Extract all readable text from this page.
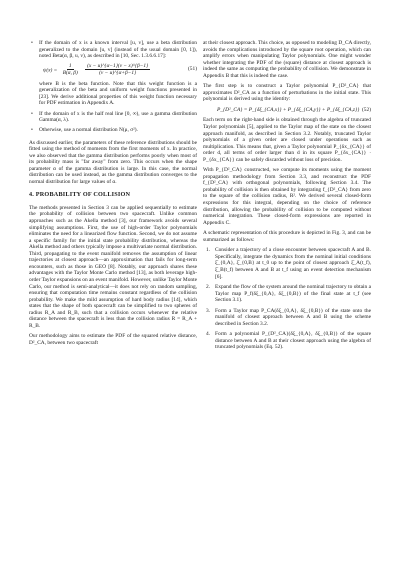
• If the domain of x is a known interval [u, v], use a beta distribution generalized to the domain [u, v] (instead of the usual domain [0, 1]), noted Beta(α, β, u, v), as described in [10, Sec. 1.3.6.6.17]:
$\psi(x) = \frac{1}{B(\alpha, \beta)}$
$\frac{(x - u)\^{}\{\alpha-1\}(v - x)\^{}\{\beta-1\}}{(v - u)\^{}\{\alpha+\beta-1\}}$	(51)

where B is the beta function. Note that this weight function is a generalization of the beta and uniform weight functions presented in [23]. We derive additional properties of this weight function necessary for PDF estimation in Appendix A.

• If the domain of x is the half real line [0, ∞), use a gamma distribution Gamma(α, λ).
• Otherwise, use a normal distribution N(μ, σ²).

As discussed earlier, the parameters of these reference distributions should be fitted using the method of moments from the first moments of x. In practice, we also observed that the gamma distribution performs poorly when most of its probability mass is "far away" from zero. This occurs when the shape parameter α of the gamma distribution is large. In this case, the normal distribution can be used instead, as the gamma distribution converges to the normal distribution for large values of α.

4. PROBABILITY OF COLLISION

The methods presented in Section 3 can be applied sequentially to estimate the probability of collision between two spacecraft. Unlike common approaches such as the Akella method [3], our framework avoids several simplifying assumptions. First, the use of high-order Taylor polynomials eliminates the need for a linearized flow function. Second, we do not assume a specific family for the initial state probability distribution, whereas the Akella method and others typically impose a multivariate normal distribution. Third, propagating to the event manifold removes the assumption of linear trajectories at closest approach—an approximation that fails for long-term encounters, such as those in GEO [8]. Notably, our approach shares these advantages with the Taylor Monte Carlo method [13], as both leverage high-order Taylor expansions on an event manifold. However, unlike Taylor Monte Carlo, our method is semi-analytical—it does not rely on random sampling, ensuring that computation time remains constant regardless of the collision probability. We make the mild assumption of hard body radius [14], which states that the shape of both spacecraft can be simplified to two spheres of radius R_A and R_B, such that a collision occurs whenever the relative distance between the spacecraft is less than the collision radius R = R_A + R_B.

Our methodology aims to estimate the PDF of the squared relative distance, D²_CA, between two spacecraft

at their closest approach. This choice, as opposed to modeling D_CA directly, avoids the complications introduced by the square root operation, which can amplify errors when manipulating Taylor polynomials. One might wonder whether integrating the PDF of the (square) distance at closest approach is indeed the same as computing the probability of collision. We demonstrate in Appendix B that this is indeed the case.

The first step is to construct a Taylor polynomial P_{D²_CA} that approximates D²_CA as a function of perturbations in the initial state. This polynomial is derived using the identity:

P_{D²_CA} = P_{δξ_{CA,x}} + P_{δξ_{CA,y}} + P_{δξ_{CA,z}} (52)

Each term on the right-hand side is obtained through the algebra of truncated Taylor polynomials [5], applied to the Taylor map of the state on the closest approach manifold, as described in Section 3.2. Notably, truncated Taylor polynomials of a given order are closed under operations such as multiplication. This means that, given a Taylor polynomial P_{δx_{CA}} of order d, all terms of order larger than d in its square P_{δx_{CA}} · P_{δx_{CA}} can be safely discarded without loss of precision.

With P_{D²_CA} constructed, we compute its moments using the moment propagation methodology from Section 3.3, and reconstruct the PDF f_{D²_CA} with orthogonal polynomials, following Section 3.4. The probability of collision is then obtained by integrating f_{D²_CA} from zero to the square of the collision radius, R². We derived several closed-form expressions for this integral, depending on the choice of reference distribution, allowing the probability of collision to be computed without numerical integration. These closed-form expressions are reported in Appendix C.

A schematic representation of this procedure is depicted in Fig. 3, and can be summarized as follows:

1. Consider a trajectory of a close encounter between spacecraft A and B. Specifically, integrate the dynamics from the nominal initial conditions ξ̄_{0,A}, ξ̄_{0,B} at t_0 up to the point of closest approach ξ̄_A(t_f), ξ̄_B(t_f) between A and B at t_f using an event detection mechanism [6].
2. Expand the flow of the system around the nominal trajectory to obtain a Taylor map P_f(δξ_{0,A}, δξ_{0,B}) of the final state at t_f (see Section 3.1).
3. Form a Taylor map P_CA(δξ_{0,A}, δξ_{0,B}) of the state onto the manifold of closest approach between A and B using the scheme described in Section 3.2.
4. Form a polynomial P_{D²_CA}(δξ_{0,A}, δξ_{0,B}) of the square distance between A and B at their closest approach using the algebra of truncated polynomials (Eq. 52).
